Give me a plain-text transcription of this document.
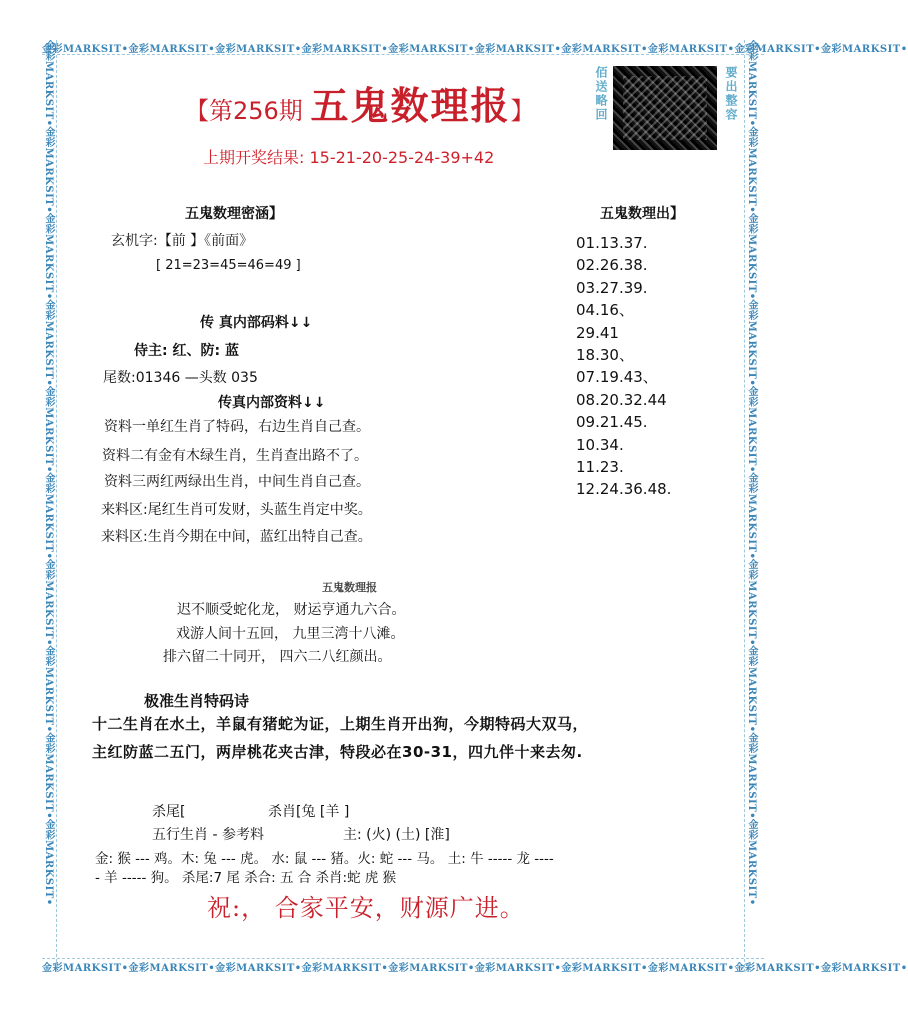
金彩MARKSIT•金彩MARKSIT•金彩MARKSIT•金彩MARKSIT•金彩MARKSIT•金彩MARKSIT•金彩MARKSIT•金彩MARKSIT•金彩MARKSIT•金彩MARKSIT•
金彩MARKSIT•金彩MARKSIT•金彩MARKSIT•金彩MARKSIT•金彩MARKSIT•金彩MARKSIT•金彩MARKSIT•金彩MARKSIT•金彩MARKSIT•金彩MARKSIT•
金彩MARKSIT•金彩MARKSIT•金彩MARKSIT•金彩MARKSIT•金彩MARKSIT•金彩MARKSIT•金彩MARKSIT•金彩MARKSIT•金彩MARKSIT•金彩MARKSIT•	金彩MARKSIT•金彩MARKSIT•金彩MARKSIT•金彩MARKSIT•金彩MARKSIT•金彩MARKSIT•金彩MARKSIT•金彩MARKSIT•金彩MARKSIT•金彩MARKSIT•
【第256期 五鬼数理报】
上期开奖结果: 15-21-20-25-24-39+42
佰送略回	要出整容
五鬼数理密涵】
玄机字:【前 】《前面》
[ 21=23=45=46=49 ]
传 真内部码料↓↓
侍主: 红、防: 蓝
尾数:01346 —头数 035
传真内部资料↓↓
资料一单红生肖了特码，右边生肖自己查。
资料二有金有木绿生肖，生肖查出路不了。
资料三两红两绿出生肖，中间生肖自己查。
来料区:尾红生肖可发财，头蓝生肖定中奖。
来料区:生肖今期在中间，蓝红出特自己查。
五鬼数理出】
01.13.37.
02.26.38.
03.27.39.
04.16、
29.41
18.30、
07.19.43、
08.20.32.44
09.21.45.
10.34.
11.23.
12.24.36.48.
五鬼数理报
迟不顺受蛇化龙， 财运亨通九六合。
戏游人间十五回， 九里三湾十八滩。
排六留二十同开， 四六二八红颜出。
极准生肖特码诗
十二生肖在水土，羊鼠有猪蛇为证，上期生肖开出狗，今期特码大双马，
主红防蓝二五门，两岸桃花夹古津，特段必在30-31，四九伴十来去匆.
杀尾[	杀肖[兔 [羊 ]
五行生肖 - 参考料	主: (火) (土) [淮]
金: 猴 --- 鸡。木: 兔 --- 虎。 水: 鼠 --- 猪。火: 蛇 --- 马。 土: 牛 ----- 龙 ----
- 羊 ----- 狗。 杀尾:7 尾 杀合: 五 合 杀肖:蛇 虎 猴
祝:， 合家平安，财源广进。
